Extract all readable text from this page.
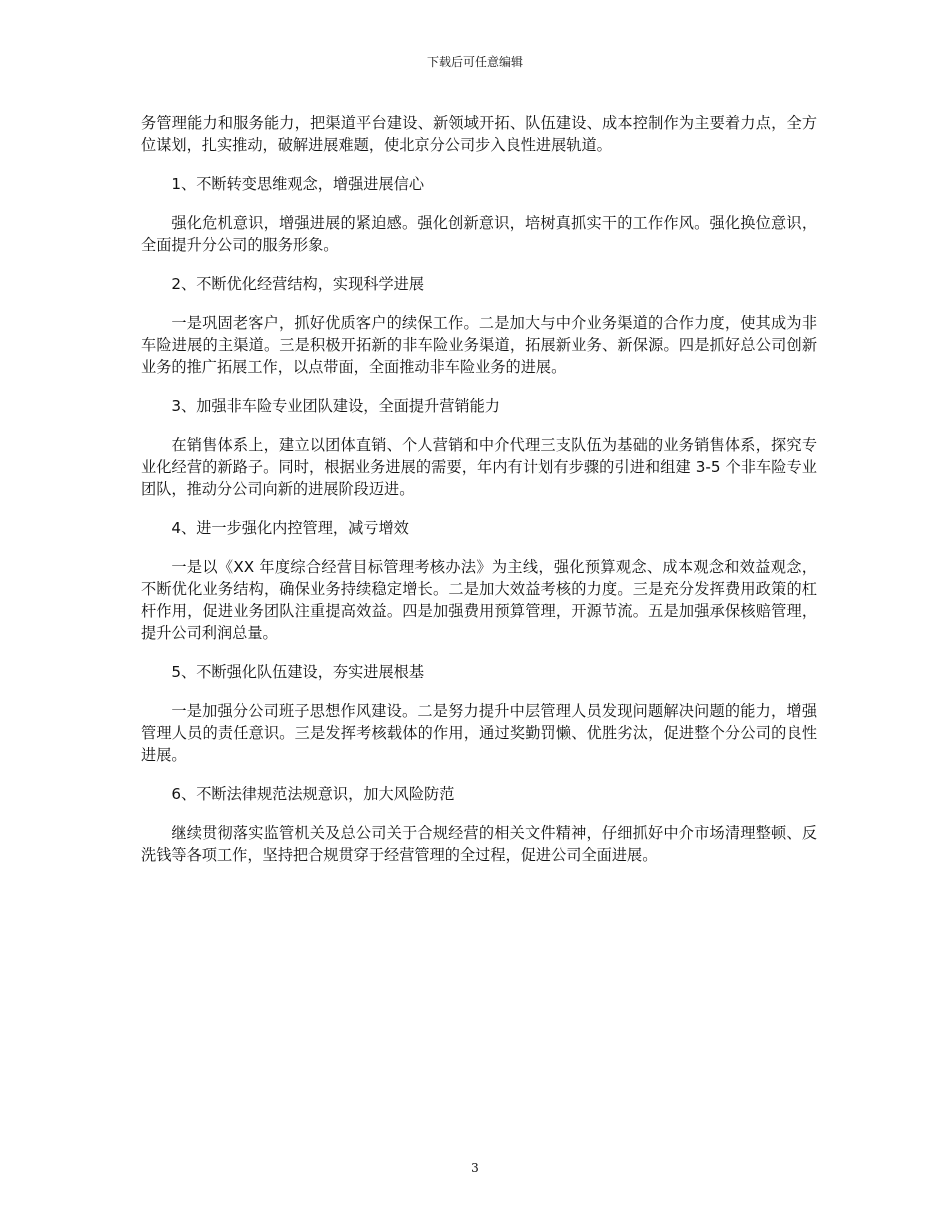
下载后可任意编辑

务管理能力和服务能力，把渠道平台建设、新领域开拓、队伍建设、成本控制作为主要着力点，全方位谋划，扎实推动，破解进展难题，使北京分公司步入良性进展轨道。

1、不断转变思维观念，增强进展信心

强化危机意识，增强进展的紧迫感。强化创新意识，培树真抓实干的工作作风。强化换位意识，全面提升分公司的服务形象。

2、不断优化经营结构，实现科学进展

一是巩固老客户，抓好优质客户的续保工作。二是加大与中介业务渠道的合作力度，使其成为非车险进展的主渠道。三是积极开拓新的非车险业务渠道，拓展新业务、新保源。四是抓好总公司创新业务的推广拓展工作，以点带面，全面推动非车险业务的进展。

3、加强非车险专业团队建设，全面提升营销能力

在销售体系上，建立以团体直销、个人营销和中介代理三支队伍为基础的业务销售体系，探究专业化经营的新路子。同时，根据业务进展的需要，年内有计划有步骤的引进和组建 3-5 个非车险专业团队，推动分公司向新的进展阶段迈进。

4、进一步强化内控管理，减亏增效

一是以《XX 年度综合经营目标管理考核办法》为主线，强化预算观念、成本观念和效益观念，不断优化业务结构，确保业务持续稳定增长。二是加大效益考核的力度。三是充分发挥费用政策的杠杆作用，促进业务团队注重提高效益。四是加强费用预算管理，开源节流。五是加强承保核赔管理，提升公司利润总量。

5、不断强化队伍建设，夯实进展根基

一是加强分公司班子思想作风建设。二是努力提升中层管理人员发现问题解决问题的能力，增强管理人员的责任意识。三是发挥考核载体的作用，通过奖勤罚懒、优胜劣汰，促进整个分公司的良性进展。

6、不断法律规范法规意识，加大风险防范

继续贯彻落实监管机关及总公司关于合规经营的相关文件精神，仔细抓好中介市场清理整顿、反洗钱等各项工作，坚持把合规贯穿于经营管理的全过程，促进公司全面进展。

3
